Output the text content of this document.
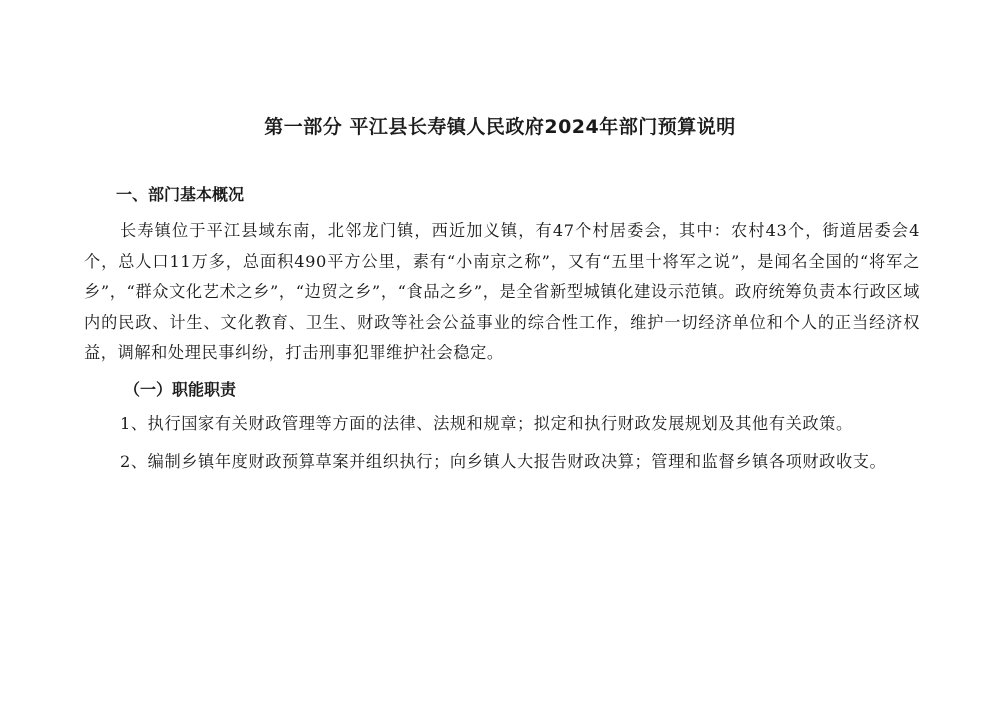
第一部分 平江县长寿镇人民政府2024年部门预算说明
一、部门基本概况

长寿镇位于平江县域东南，北邻龙门镇，西近加义镇，有47个村居委会，其中：农村43个，街道居委会4个，总人口11万多，总面积490平方公里，素有“小南京之称”，又有“五里十将军之说”，是闻名全国的“将军之乡”，“群众文化艺术之乡”，“边贸之乡”，“食品之乡”，是全省新型城镇化建设示范镇。政府统筹负责本行政区域内的民政、计生、文化教育、卫生、财政等社会公益事业的综合性工作，维护一切经济单位和个人的正当经济权益，调解和处理民事纠纷，打击刑事犯罪维护社会稳定。

（一）职能职责

1、执行国家有关财政管理等方面的法律、法规和规章；拟定和执行财政发展规划及其他有关政策。

2、编制乡镇年度财政预算草案并组织执行；向乡镇人大报告财政决算；管理和监督乡镇各项财政收支。
